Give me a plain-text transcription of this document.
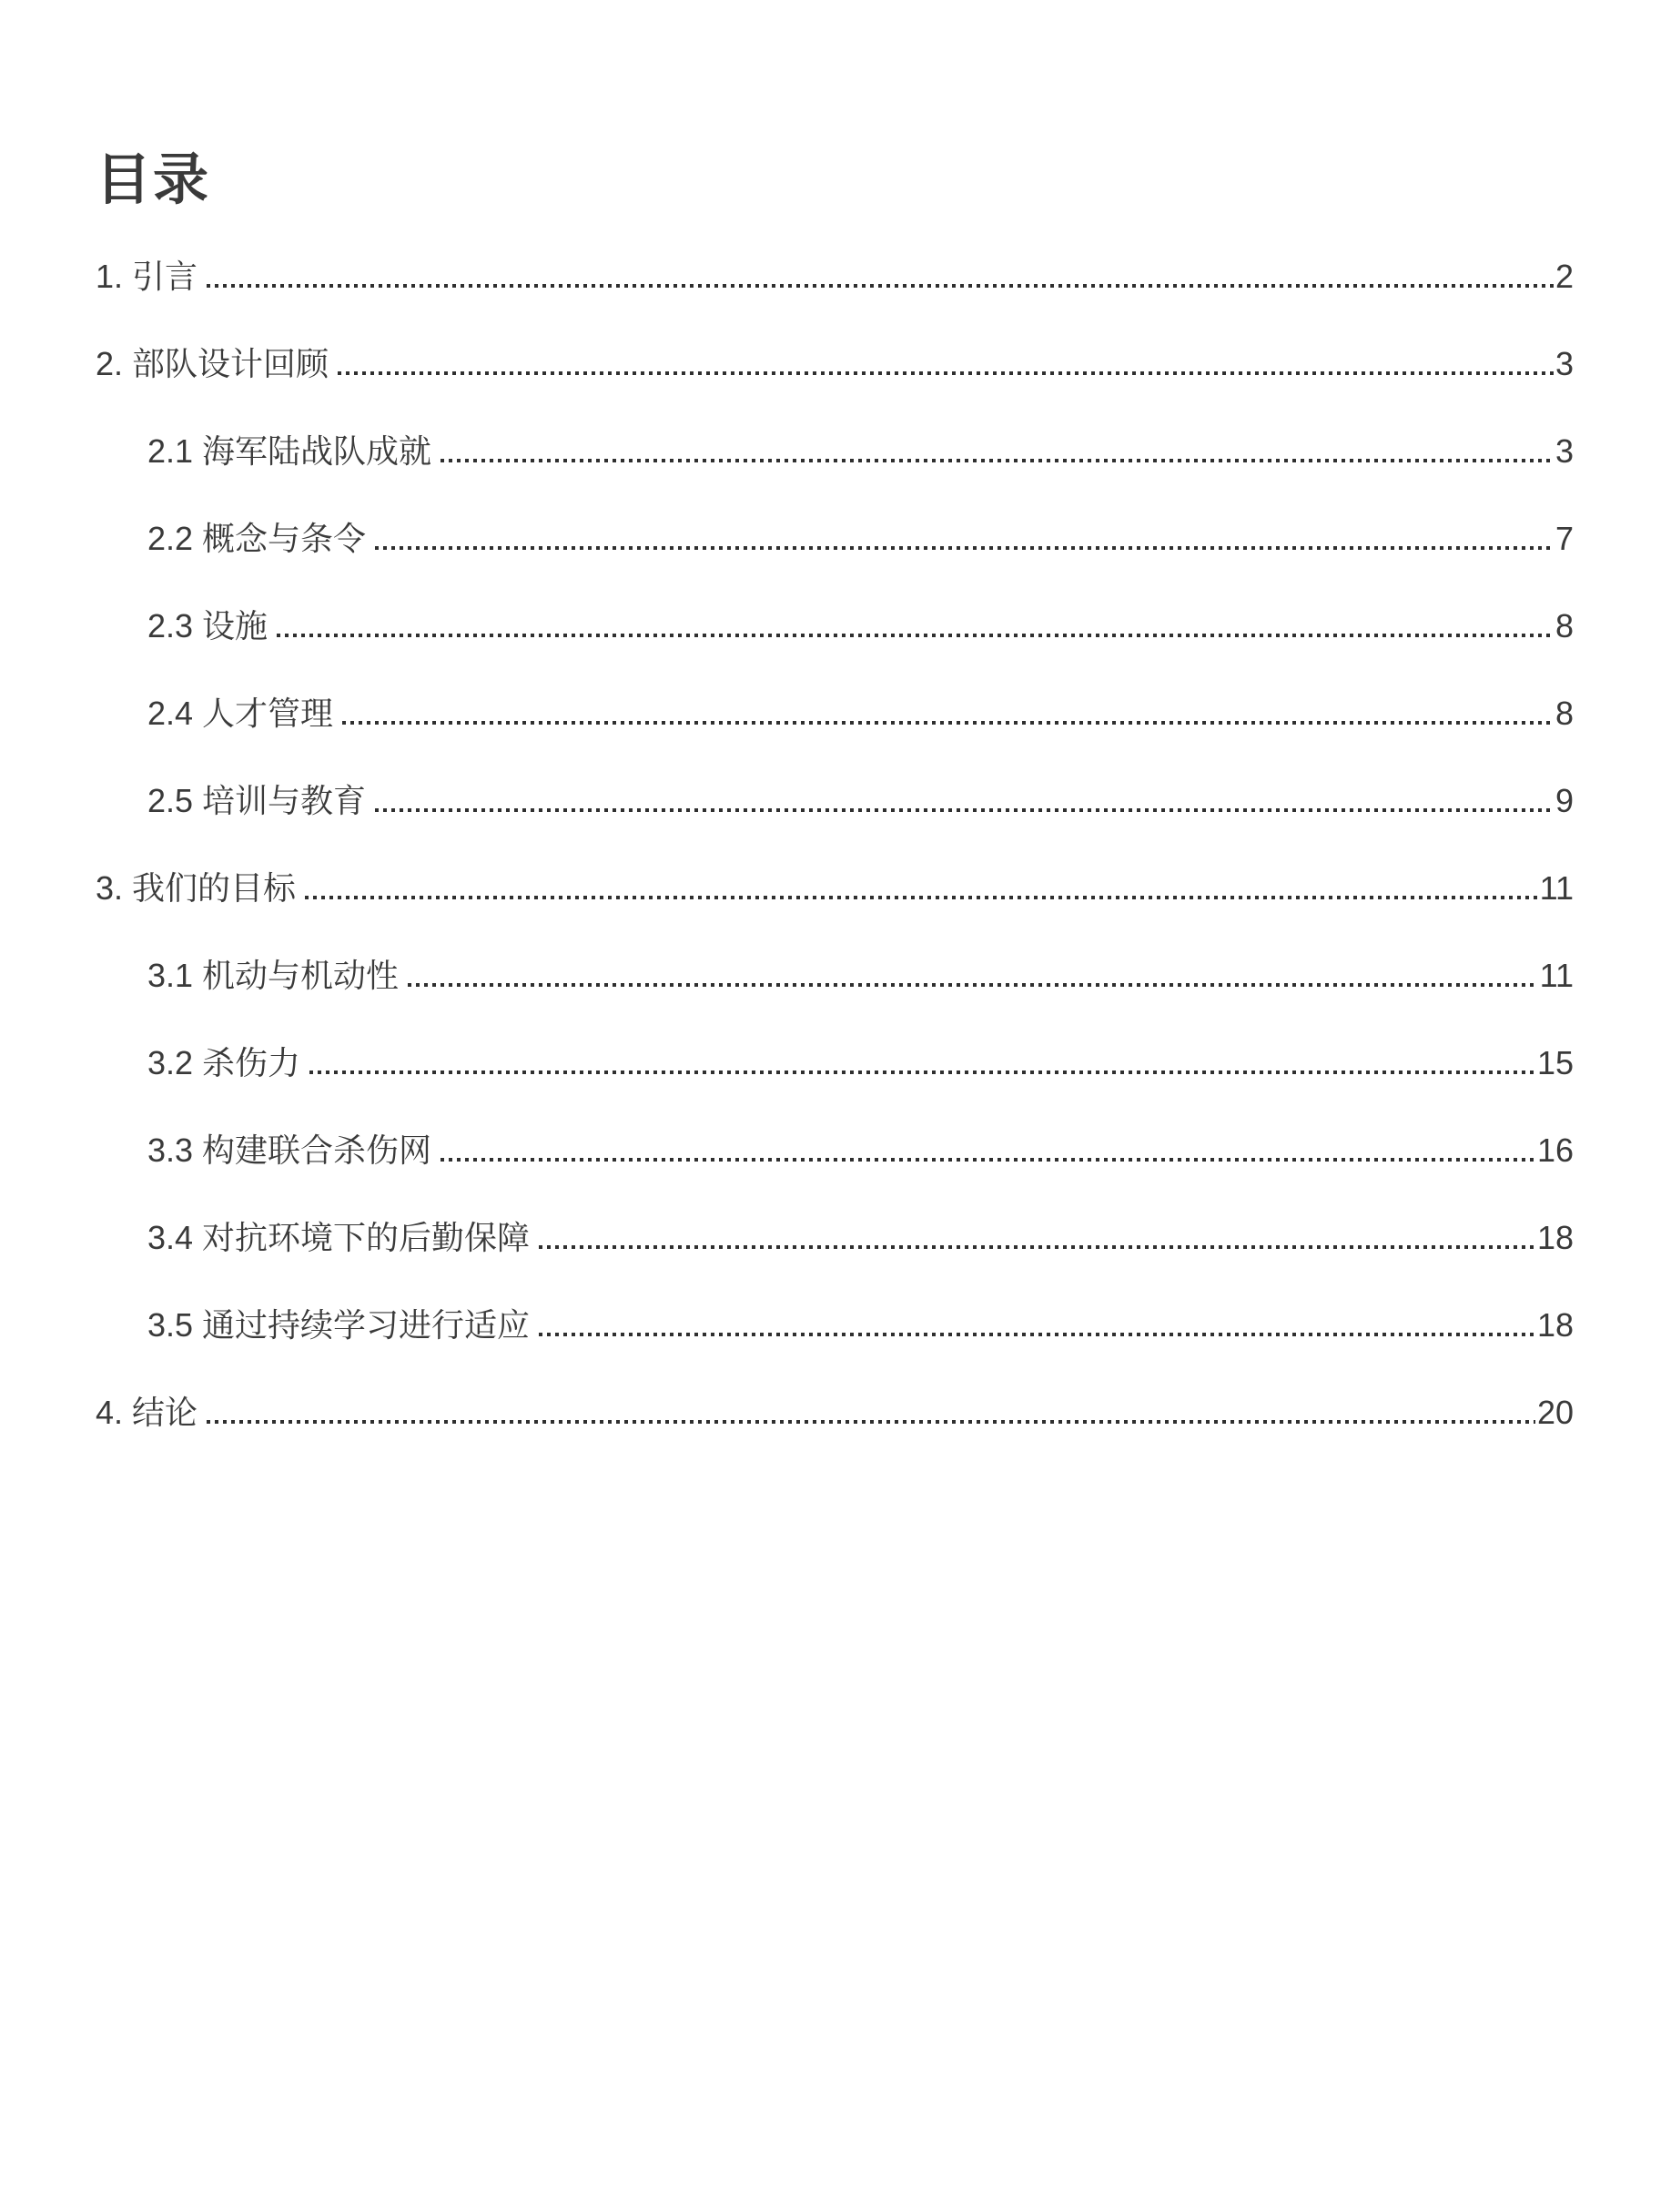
目录
1. 引言	2
2. 部队设计回顾	3
2.1 海军陆战队成就	3
2.2 概念与条令	7
2.3 设施	8
2.4 人才管理	8
2.5 培训与教育	9
3. 我们的目标	11
3.1 机动与机动性	11
3.2 杀伤力	15
3.3 构建联合杀伤网	16
3.4 对抗环境下的后勤保障	18
3.5 通过持续学习进行适应	18
4. 结论	20
